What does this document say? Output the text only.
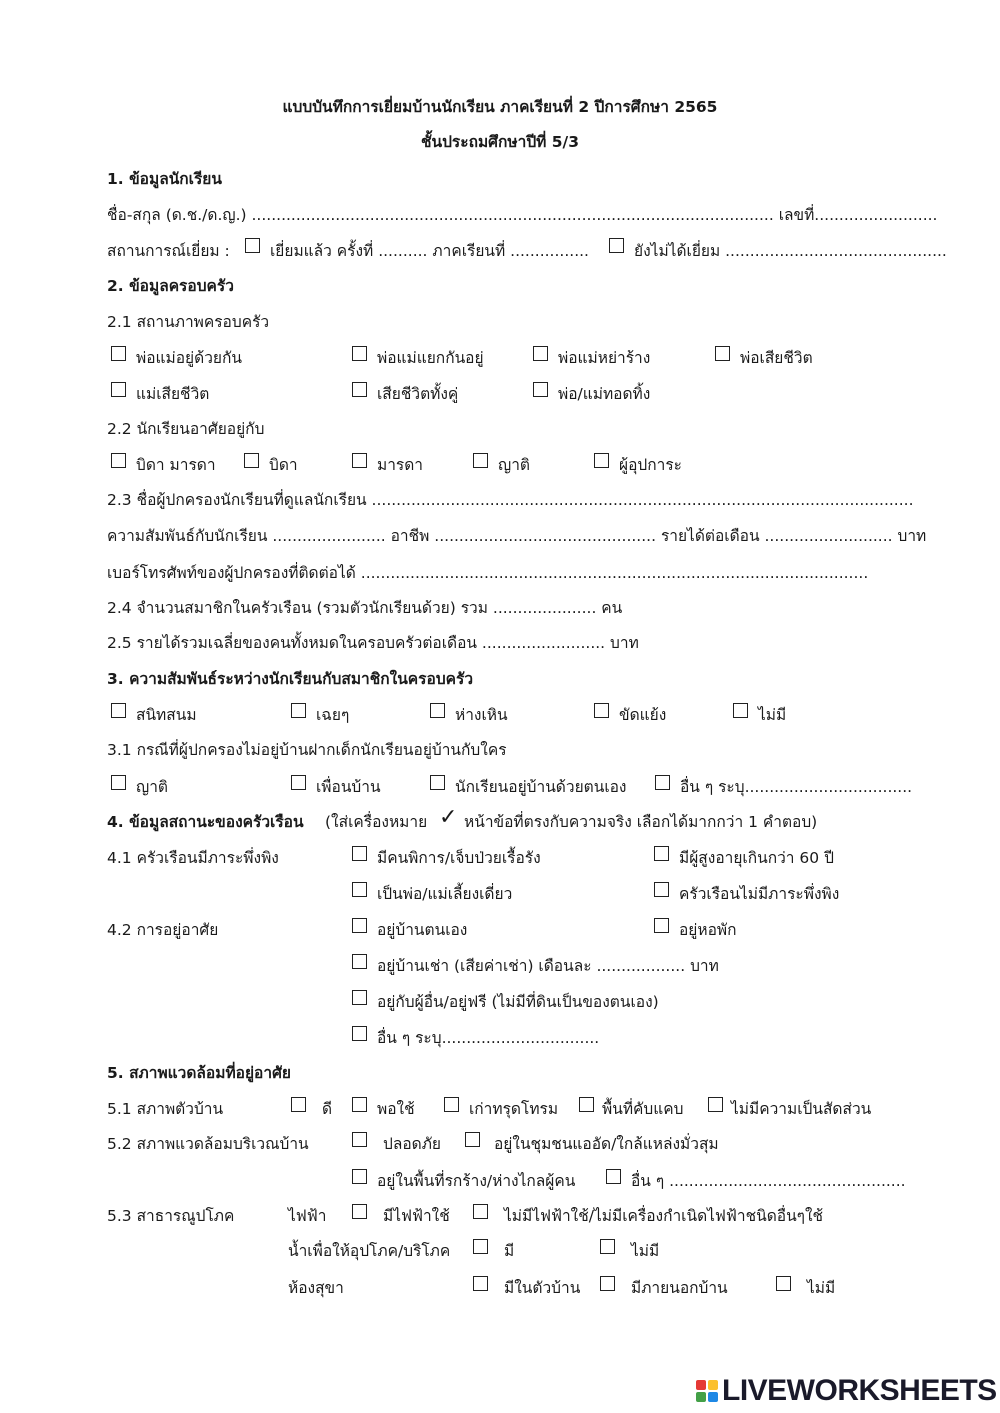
แบบบันทึกการเยี่ยมบ้านนักเรียน ภาคเรียนที่ 2 ปีการศึกษา 2565
ชั้นประถมศึกษาปีที่ 5/3
1. ข้อมูลนักเรียน
ชื่อ-สกุล (ด.ช./ด.ญ.) .......................................................................................................... เลขที่.........................
สถานการณ์เยี่ยม :	เยี่ยมแล้ว ครั้งที่ .......... ภาคเรียนที่ ................	ยังไม่ได้เยี่ยม .............................................
2. ข้อมูลครอบครัว
2.1 สถานภาพครอบครัว
พ่อแม่อยู่ด้วยกัน	พ่อแม่แยกกันอยู่	พ่อแม่หย่าร้าง	พ่อเสียชีวิต
แม่เสียชีวิต	เสียชีวิตทั้งคู่	พ่อ/แม่ทอดทิ้ง
2.2 นักเรียนอาศัยอยู่กับ
บิดา มารดา	บิดา	มารดา	ญาติ	ผู้อุปการะ
2.3 ชื่อผู้ปกครองนักเรียนที่ดูแลนักเรียน ..............................................................................................................
ความสัมพันธ์กับนักเรียน ....................... อาชีพ ............................................. รายได้ต่อเดือน .......................... บาท
เบอร์โทรศัพท์ของผู้ปกครองที่ติดต่อได้ .......................................................................................................
2.4 จำนวนสมาชิกในครัวเรือน (รวมตัวนักเรียนด้วย) รวม ..................... คน
2.5 รายได้รวมเฉลี่ยของคนทั้งหมดในครอบครัวต่อเดือน ......................... บาท
3. ความสัมพันธ์ระหว่างนักเรียนกับสมาชิกในครอบครัว
สนิทสนม	เฉยๆ	ห่างเหิน	ขัดแย้ง	ไม่มี
3.1 กรณีที่ผู้ปกครองไม่อยู่บ้านฝากเด็กนักเรียนอยู่บ้านกับใคร
ญาติ	เพื่อนบ้าน	นักเรียนอยู่บ้านด้วยตนเอง	อื่น ๆ ระบุ..................................
4. ข้อมูลสถานะของครัวเรือน (ใส่เครื่องหมาย ✓ หน้าข้อที่ตรงกับความจริง เลือกได้มากกว่า 1 คำตอบ)
4.1 ครัวเรือนมีภาระพึ่งพิง	มีคนพิการ/เจ็บป่วยเรื้อรัง	มีผู้สูงอายุเกินกว่า 60 ปี
เป็นพ่อ/แม่เลี้ยงเดี่ยว	ครัวเรือนไม่มีภาระพึ่งพิง
4.2 การอยู่อาศัย	อยู่บ้านตนเอง	อยู่หอพัก
อยู่บ้านเช่า (เสียค่าเช่า) เดือนละ .................. บาท
อยู่กับผู้อื่น/อยู่ฟรี (ไม่มีที่ดินเป็นของตนเอง)
อื่น ๆ ระบุ................................
5. สภาพแวดล้อมที่อยู่อาศัย
5.1 สภาพตัวบ้าน	ดี	พอใช้	เก่าทรุดโทรม	พื้นที่คับแคบ	ไม่มีความเป็นสัดส่วน
5.2 สภาพแวดล้อมบริเวณบ้าน	ปลอดภัย	อยู่ในชุมชนแออัด/ใกล้แหล่งมั่วสุม
อยู่ในพื้นที่รกร้าง/ห่างไกลผู้คน	อื่น ๆ ................................................
5.3 สาธารณูปโภค	ไฟฟ้า	มีไฟฟ้าใช้	ไม่มีไฟฟ้าใช้/ไม่มีเครื่องกำเนิดไฟฟ้าชนิดอื่นๆใช้
น้ำเพื่อให้อุปโภค/บริโภค	มี	ไม่มี
ห้องสุขา	มีในตัวบ้าน	มีภายนอกบ้าน	ไม่มี
LIVEWORKSHEETS
